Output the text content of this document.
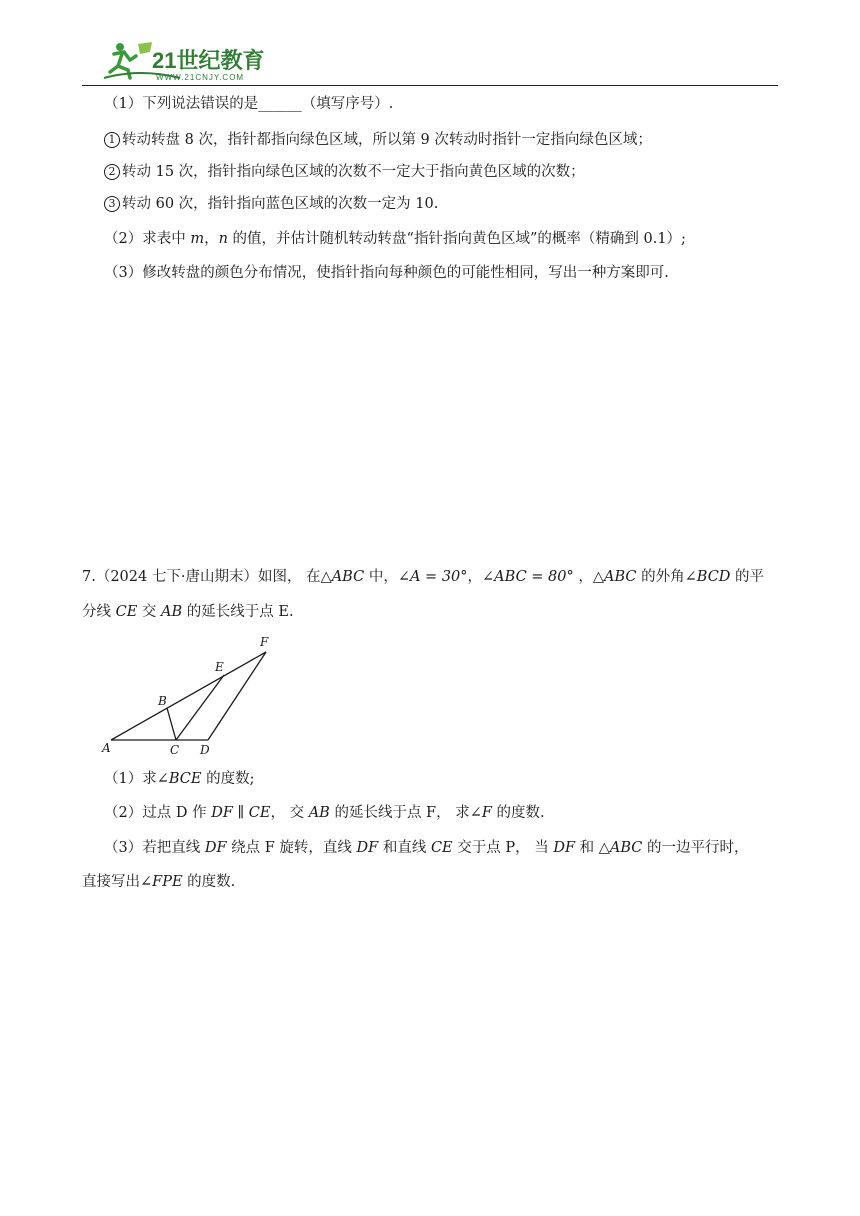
21世纪教育
WWW.21CNJY.COM
（1）下列说法错误的是______（填写序号）.
1 转动转盘 8 次，指针都指向绿色区域，所以第 9 次转动时指针一定指向绿色区域；
2 转动 15 次，指针指向绿色区域的次数不一定大于指向黄色区域的次数；
3 转动 60 次，指针指向蓝色区域的次数一定为 10.
（2）求表中 m，n 的值，并估计随机转动转盘“指针指向黄色区域”的概率（精确到 0.1）;
（3）修改转盘的颜色分布情况，使指针指向每种颜色的可能性相同，写出一种方案即可.
7.（2024 七下·唐山期末）如图， 在△ABC 中，∠A = 30°，∠ABC = 80° ，△ABC 的外角∠BCD 的平
分线 CE 交 AB 的延长线于点 E.
A
B
C D
E
F
（1）求∠BCE 的度数;
（2）过点 D 作 DF ∥ CE， 交 AB 的延长线于点 F， 求∠F 的度数.
（3）若把直线 DF 绕点 F 旋转，直线 DF 和直线 CE 交于点 P， 当 DF 和 △ABC 的一边平行时，
直接写出∠FPE 的度数.
